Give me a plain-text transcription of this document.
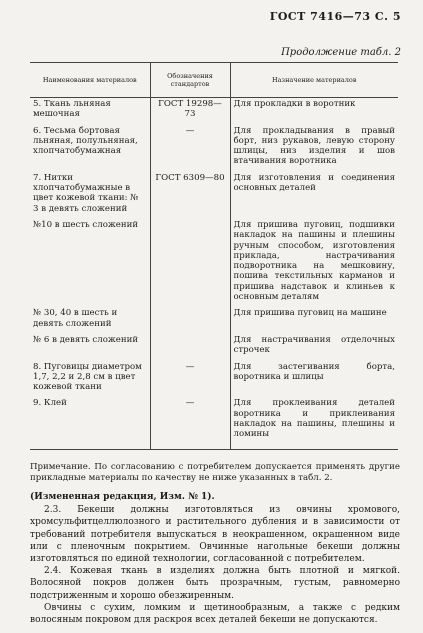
ГОСТ 7416—73 С. 5
Продолжение табл. 2
Наименования материалов	Обозначения стандартов	Назначение материалов
5. Ткань льняная мешочная	ГОСТ 19298—73	Для прокладки в воротник
6. Тесьма бортовая льняная, полульняная, хлопчатобумажная	—	Для прокладывания в правый борт, низ рукавов, левую сторону шлицы, низ изделия и шов втачивания воротника
7. Нитки хлопчатобумажные в цвет кожевой ткани: № 3 в девять сложений	ГОСТ 6309—80	Для изготовления и соединения основных деталей
№10 в шесть сложений		Для пришива пуговиц, подшивки накладок на пашины и плешины ручным способом, изготовления приклада, настрачивания подворотника на мешковину, пошива текстильных карманов и пришива надставок и клиньев к основным деталям
№ 30, 40 в шесть и девять сложений		Для пришива пуговиц на машине
№ 6 в девять сложений		Для настрачивания отделочных строчек
8. Пуговицы диаметром 1,7, 2,2 и 2,8 см в цвет кожевой ткани	—	Для застегивания борта, воротника и шлицы
9. Клей	—	Для проклеивания деталей воротника и приклеивания накладок на пашины, плешины и ломины
Примечание. По согласованию с потребителем допускается применять другие прикладные материалы по качеству не ниже указанных в табл. 2.

(Измененная редакция, Изм. № 1).

2.3. Бекеши должны изготовляться из овчины хромового, хромсульфитцеллюлозного и растительного дубления и в зависимости от требований потребителя выпускаться в неокрашенном, окрашенном виде или с пленочным покрытием. Овчинные нагольные бекеши должны изготовляться по единой технологии, согласованной с потребителем.

2.4. Кожевая ткань в изделиях должна быть плотной и мягкой. Волосяной покров должен быть прозрачным, густым, равномерно подстриженным и хорошо обезжиренным.

Овчины с сухим, ломким и щетинообразным, а также с редким волосяным покровом для раскроя всех деталей бекеши не допускаются.
